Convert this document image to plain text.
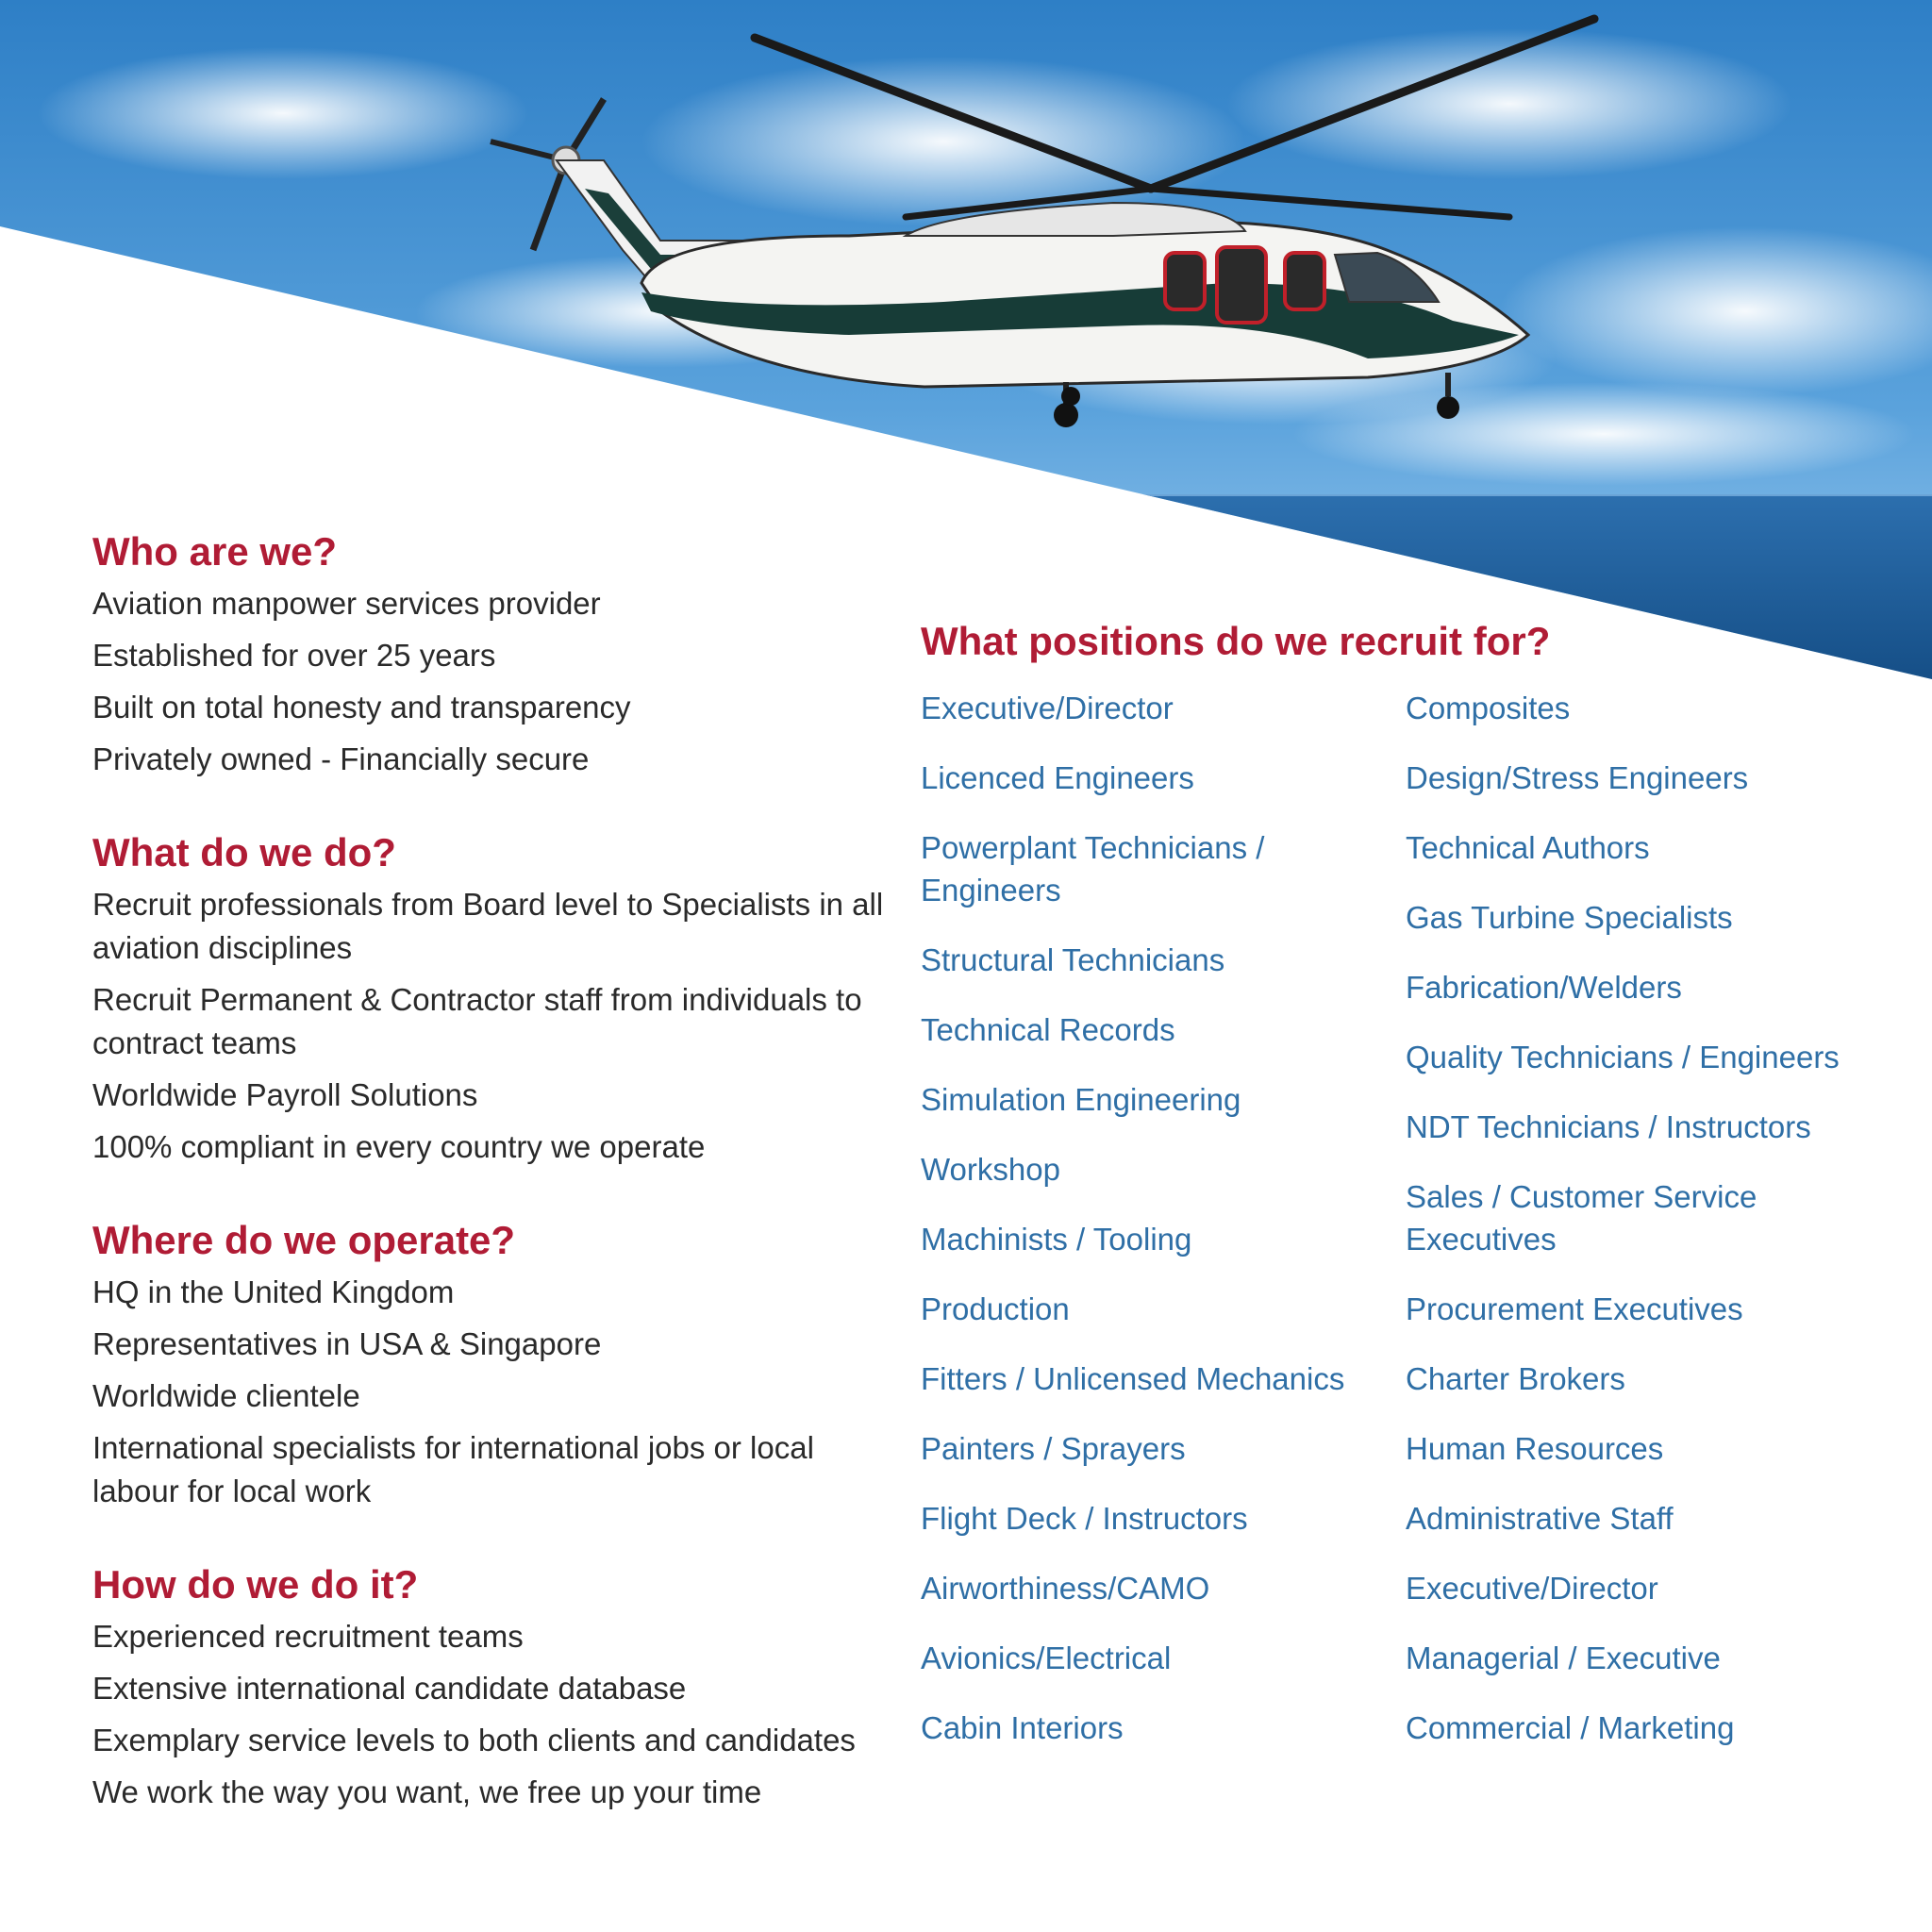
Who are we?
Aviation manpower services provider
Established for over 25 years
Built on total honesty and transparency
Privately owned - Financially secure
What do we do?
Recruit professionals from Board level to Specialists in all aviation disciplines
Recruit Permanent & Contractor staff from individuals to contract teams
Worldwide Payroll Solutions
100% compliant in every country we operate
Where do we operate?
HQ in the United Kingdom
Representatives in USA & Singapore
Worldwide clientele
International specialists for international jobs or local labour for local work
How do we do it?
Experienced recruitment teams
Extensive international candidate database
Exemplary service levels to both clients and candidates
We work the way you want, we free up your time
What positions do we recruit for?
Executive/Director
Licenced Engineers
Powerplant Technicians / Engineers
Structural Technicians
Technical Records
Simulation Engineering
Workshop
Machinists / Tooling
Production
Fitters / Unlicensed Mechanics
Painters / Sprayers
Flight Deck / Instructors
Airworthiness/CAMO
Avionics/Electrical
Cabin Interiors
Composites
Design/Stress Engineers
Technical Authors
Gas Turbine Specialists
Fabrication/Welders
Quality Technicians / Engineers
NDT Technicians / Instructors
Sales / Customer Service Executives
Procurement Executives
Charter Brokers
Human Resources
Administrative Staff
Executive/Director
Managerial / Executive
Commercial / Marketing
